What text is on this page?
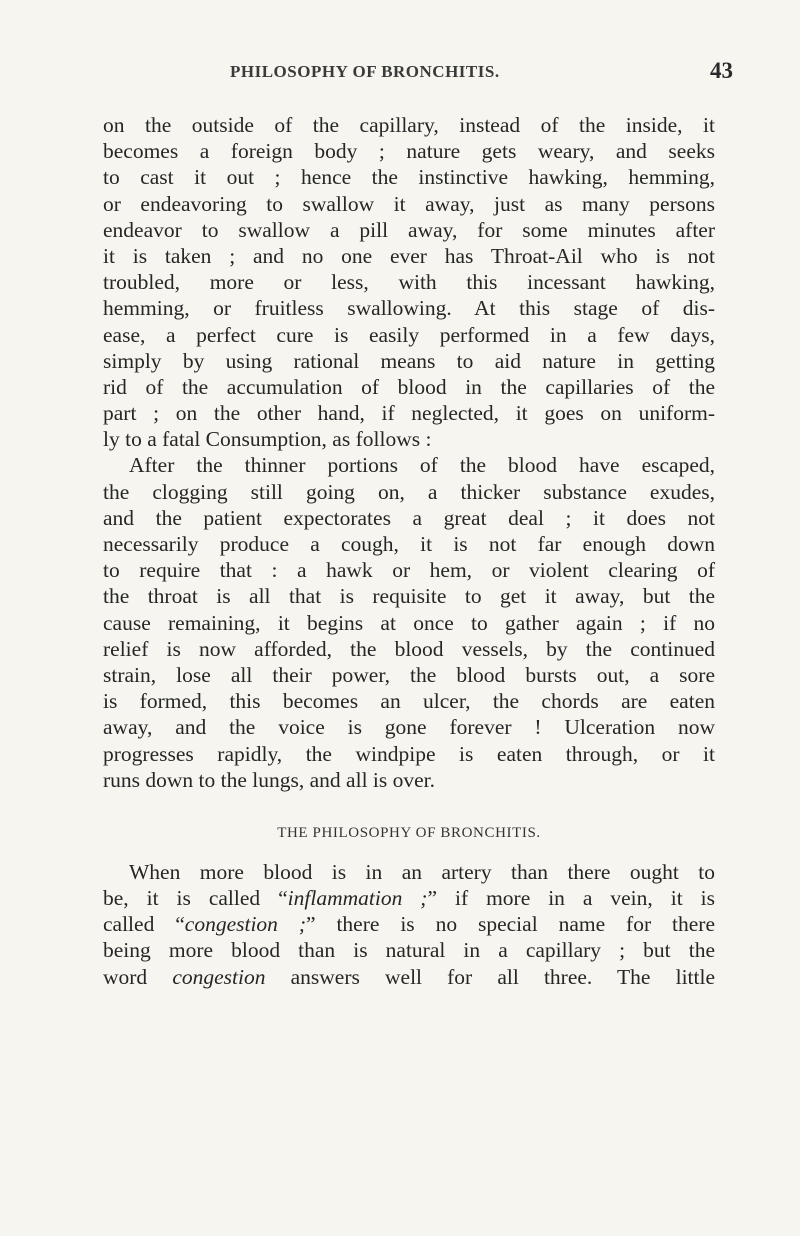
PHILOSOPHY OF BRONCHITIS.	43
on the outside of the capillary, instead of the inside, it
becomes a foreign body ; nature gets weary, and seeks
to cast it out ; hence the instinctive hawking, hemming,
or endeavoring to swallow it away, just as many persons
endeavor to swallow a pill away, for some minutes after
it is taken ; and no one ever has Throat-Ail who is not
troubled, more or less, with this incessant hawking,
hemming, or fruitless swallowing. At this stage of dis-
ease, a perfect cure is easily performed in a few days,
simply by using rational means to aid nature in getting
rid of the accumulation of blood in the capillaries of the
part ; on the other hand, if neglected, it goes on uniform-
ly to a fatal Consumption, as follows :
After the thinner portions of the blood have escaped,
the clogging still going on, a thicker substance exudes,
and the patient expectorates a great deal ; it does not
necessarily produce a cough, it is not far enough down
to require that : a hawk or hem, or violent clearing of
the throat is all that is requisite to get it away, but the
cause remaining, it begins at once to gather again ; if no
relief is now afforded, the blood vessels, by the continued
strain, lose all their power, the blood bursts out, a sore
is formed, this becomes an ulcer, the chords are eaten
away, and the voice is gone forever ! Ulceration now
progresses rapidly, the windpipe is eaten through, or it
runs down to the lungs, and all is over.
THE PHILOSOPHY OF BRONCHITIS.
When more blood is in an artery than there ought to
be, it is called “inflammation ;” if more in a vein, it is
called “congestion ;” there is no special name for there
being more blood than is natural in a capillary ; but the
word congestion answers well for all three. The little
